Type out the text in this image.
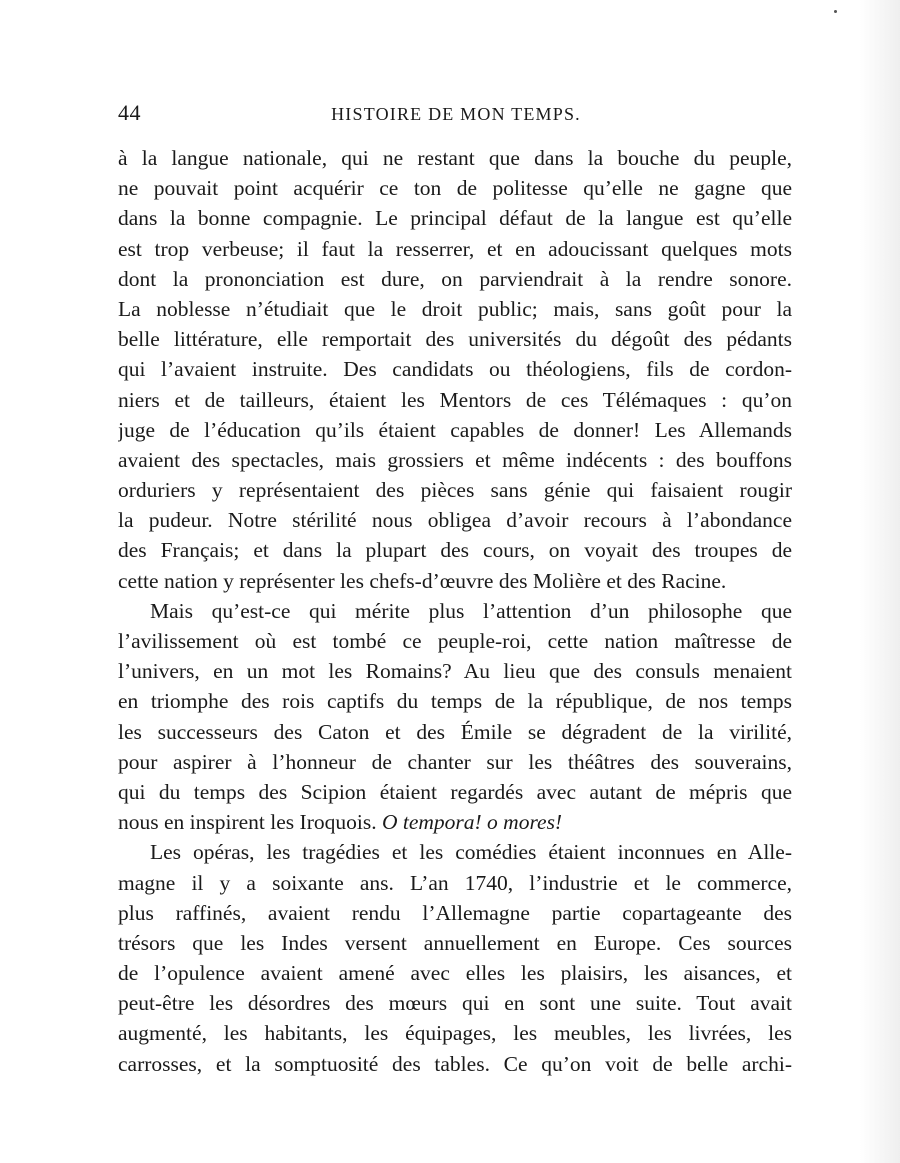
44	HISTOIRE DE MON TEMPS.
à la langue nationale, qui ne restant que dans la bouche du peuple,
ne pouvait point acquérir ce ton de politesse qu’elle ne gagne que
dans la bonne compagnie. Le principal défaut de la langue est qu’elle
est trop verbeuse; il faut la resserrer, et en adoucissant quelques mots
dont la prononciation est dure, on parviendrait à la rendre sonore.
La noblesse n’étudiait que le droit public; mais, sans goût pour la
belle littérature, elle remportait des universités du dégoût des pédants
qui l’avaient instruite. Des candidats ou théologiens, fils de cordon-
niers et de tailleurs, étaient les Mentors de ces Télémaques : qu’on
juge de l’éducation qu’ils étaient capables de donner! Les Allemands
avaient des spectacles, mais grossiers et même indécents : des bouffons
orduriers y représentaient des pièces sans génie qui faisaient rougir
la pudeur. Notre stérilité nous obligea d’avoir recours à l’abondance
des Français; et dans la plupart des cours, on voyait des troupes de
cette nation y représenter les chefs-d’œuvre des Molière et des Racine.
Mais qu’est-ce qui mérite plus l’attention d’un philosophe que
l’avilissement où est tombé ce peuple-roi, cette nation maîtresse de
l’univers, en un mot les Romains? Au lieu que des consuls menaient
en triomphe des rois captifs du temps de la république, de nos temps
les successeurs des Caton et des Émile se dégradent de la virilité,
pour aspirer à l’honneur de chanter sur les théâtres des souverains,
qui du temps des Scipion étaient regardés avec autant de mépris que
nous en inspirent les Iroquois. O tempora! o mores!
Les opéras, les tragédies et les comédies étaient inconnues en Alle-
magne il y a soixante ans. L’an 1740, l’industrie et le commerce,
plus raffinés, avaient rendu l’Allemagne partie copartageante des
trésors que les Indes versent annuellement en Europe. Ces sources
de l’opulence avaient amené avec elles les plaisirs, les aisances, et
peut-être les désordres des mœurs qui en sont une suite. Tout avait
augmenté, les habitants, les équipages, les meubles, les livrées, les
carrosses, et la somptuosité des tables. Ce qu’on voit de belle archi-
